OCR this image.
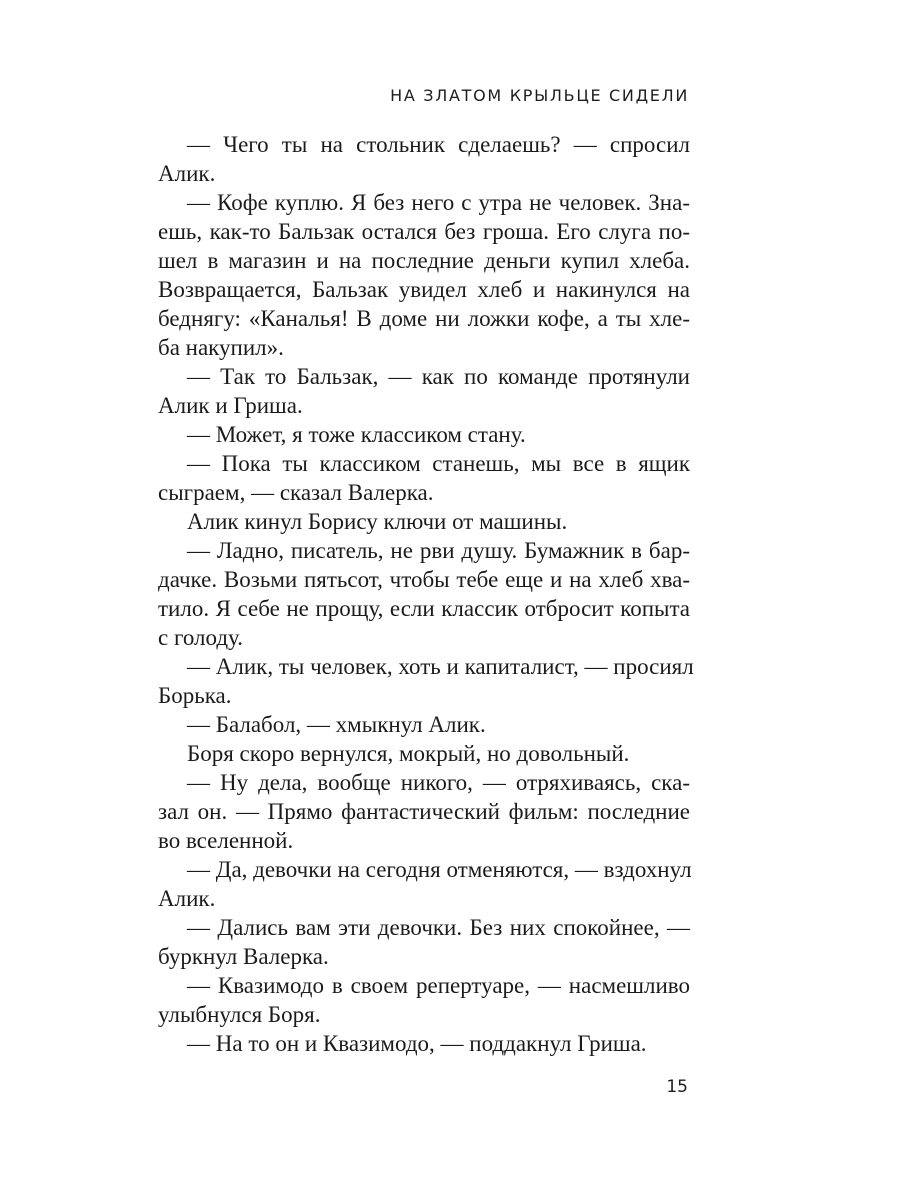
НА ЗЛАТОМ КРЫЛЬЦЕ СИДЕЛИ
— Чего ты на стольник сделаешь? — спросил
Алик.
— Кофе куплю. Я без него с утра не человек. Зна-
ешь, как-то Бальзак остался без гроша. Его слуга по-
шел в магазин и на последние деньги купил хлеба.
Возвращается, Бальзак увидел хлеб и накинулся на
беднягу: «Каналья! В доме ни ложки кофе, а ты хле-
ба накупил».
— Так то Бальзак, — как по команде протянули
Алик и Гриша.
— Может, я тоже классиком стану.
— Пока ты классиком станешь, мы все в ящик
сыграем, — сказал Валерка.
Алик кинул Борису ключи от машины.
— Ладно, писатель, не рви душу. Бумажник в бар-
дачке. Возьми пятьсот, чтобы тебе еще и на хлеб хва-
тило. Я себе не прощу, если классик отбросит копыта
с голоду.
— Алик, ты человек, хоть и капиталист, — просиял
Борька.
— Балабол, — хмыкнул Алик.
Боря скоро вернулся, мокрый, но довольный.
— Ну дела, вообще никого, — отряхиваясь, ска-
зал он. — Прямо фантастический фильм: последние
во вселенной.
— Да, девочки на сегодня отменяются, — вздохнул
Алик.
— Дались вам эти девочки. Без них спокойнее, —
буркнул Валерка.
— Квазимодо в своем репертуаре, — насмешливо
улыбнулся Боря.
— На то он и Квазимодо, — поддакнул Гриша.
15
